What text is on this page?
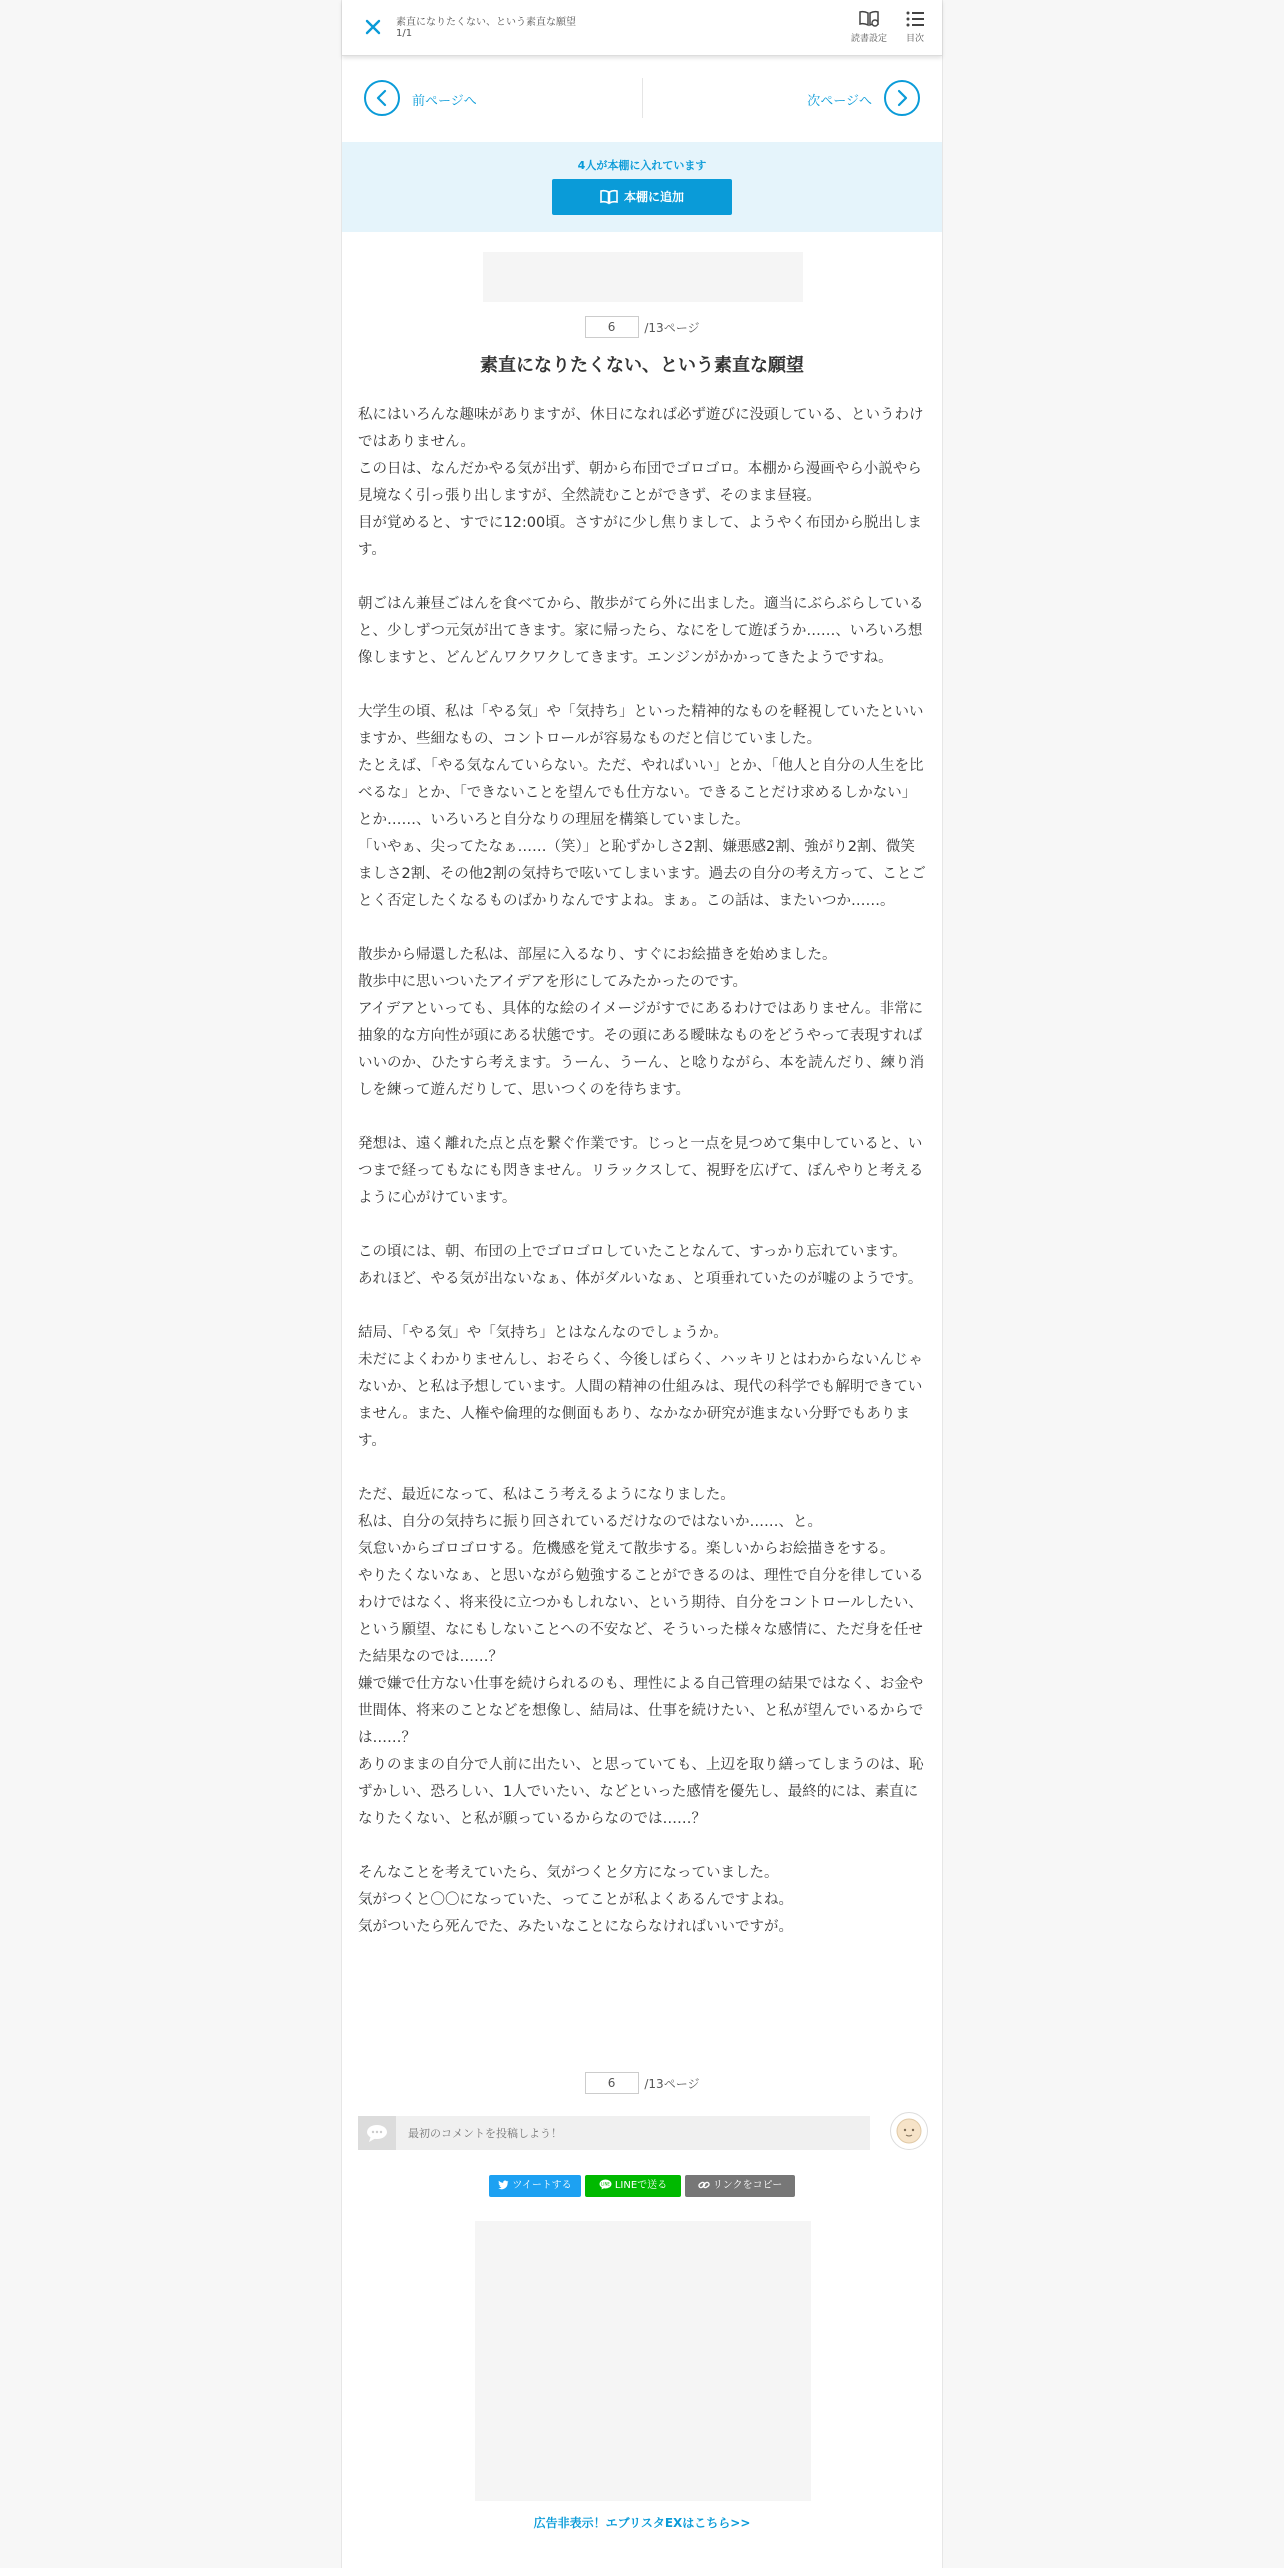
素直になりたくない、という素直な願望
1/1	読書設定	目次
前ページへ	次ページへ
4人が本棚に入れています
本棚に追加
6 /13ページ
素直になりたくない、という素直な願望
私にはいろんな趣味がありますが、休日になれば必ず遊びに没頭している、というわけではありません。
この日は、なんだかやる気が出ず、朝から布団でゴロゴロ。本棚から漫画やら小説やら見境なく引っ張り出しますが、全然読むことができず、そのまま昼寝。
目が覚めると、すでに12:00頃。さすがに少し焦りまして、ようやく布団から脱出します。

朝ごはん兼昼ごはんを食べてから、散歩がてら外に出ました。適当にぶらぶらしていると、少しずつ元気が出てきます。家に帰ったら、なにをして遊ぼうか……、いろいろ想像しますと、どんどんワクワクしてきます。エンジンがかかってきたようですね。

大学生の頃、私は「やる気」や「気持ち」といった精神的なものを軽視していたといいますか、些細なもの、コントロールが容易なものだと信じていました。
たとえば、「やる気なんていらない。ただ、やればいい」とか、「他人と自分の人生を比べるな」とか、「できないことを望んでも仕方ない。できることだけ求めるしかない」とか……、いろいろと自分なりの理屈を構築していました。
「いやぁ、尖ってたなぁ……（笑）」と恥ずかしさ2割、嫌悪感2割、強がり2割、微笑ましさ2割、その他2割の気持ちで呟いてしまいます。過去の自分の考え方って、ことごとく否定したくなるものばかりなんですよね。まぁ。この話は、またいつか……。

散歩から帰還した私は、部屋に入るなり、すぐにお絵描きを始めました。
散歩中に思いついたアイデアを形にしてみたかったのです。
アイデアといっても、具体的な絵のイメージがすでにあるわけではありません。非常に抽象的な方向性が頭にある状態です。その頭にある曖昧なものをどうやって表現すればいいのか、ひたすら考えます。うーん、うーん、と唸りながら、本を読んだり、練り消しを練って遊んだりして、思いつくのを待ちます。

発想は、遠く離れた点と点を繋ぐ作業です。じっと一点を見つめて集中していると、いつまで経ってもなにも閃きません。リラックスして、視野を広げて、ぼんやりと考えるように心がけています。

この頃には、朝、布団の上でゴロゴロしていたことなんて、すっかり忘れています。
あれほど、やる気が出ないなぁ、体がダルいなぁ、と項垂れていたのが嘘のようです。

結局、「やる気」や「気持ち」とはなんなのでしょうか。
未だによくわかりませんし、おそらく、今後しばらく、ハッキリとはわからないんじゃないか、と私は予想しています。人間の精神の仕組みは、現代の科学でも解明できていません。また、人権や倫理的な側面もあり、なかなか研究が進まない分野でもあります。

ただ、最近になって、私はこう考えるようになりました。
私は、自分の気持ちに振り回されているだけなのではないか……、と。
気怠いからゴロゴロする。危機感を覚えて散歩する。楽しいからお絵描きをする。
やりたくないなぁ、と思いながら勉強することができるのは、理性で自分を律しているわけではなく、将来役に立つかもしれない、という期待、自分をコントロールしたい、という願望、なにもしないことへの不安など、そういった様々な感情に、ただ身を任せた結果なのでは……？
嫌で嫌で仕方ない仕事を続けられるのも、理性による自己管理の結果ではなく、お金や世間体、将来のことなどを想像し、結局は、仕事を続けたい、と私が望んでいるからでは……？
ありのままの自分で人前に出たい、と思っていても、上辺を取り繕ってしまうのは、恥ずかしい、恐ろしい、1人でいたい、などといった感情を優先し、最終的には、素直になりたくない、と私が願っているからなのでは……？

そんなことを考えていたら、気がつくと夕方になっていました。
気がつくと〇〇になっていた、ってことが私よくあるんですよね。
気がついたら死んでた、みたいなことにならなければいいですが。
6 /13ページ
最初のコメントを投稿しよう！
ツイートする	LINE LINEで送る	リンクをコピー
広告非表示！エブリスタEXはこちら>>
